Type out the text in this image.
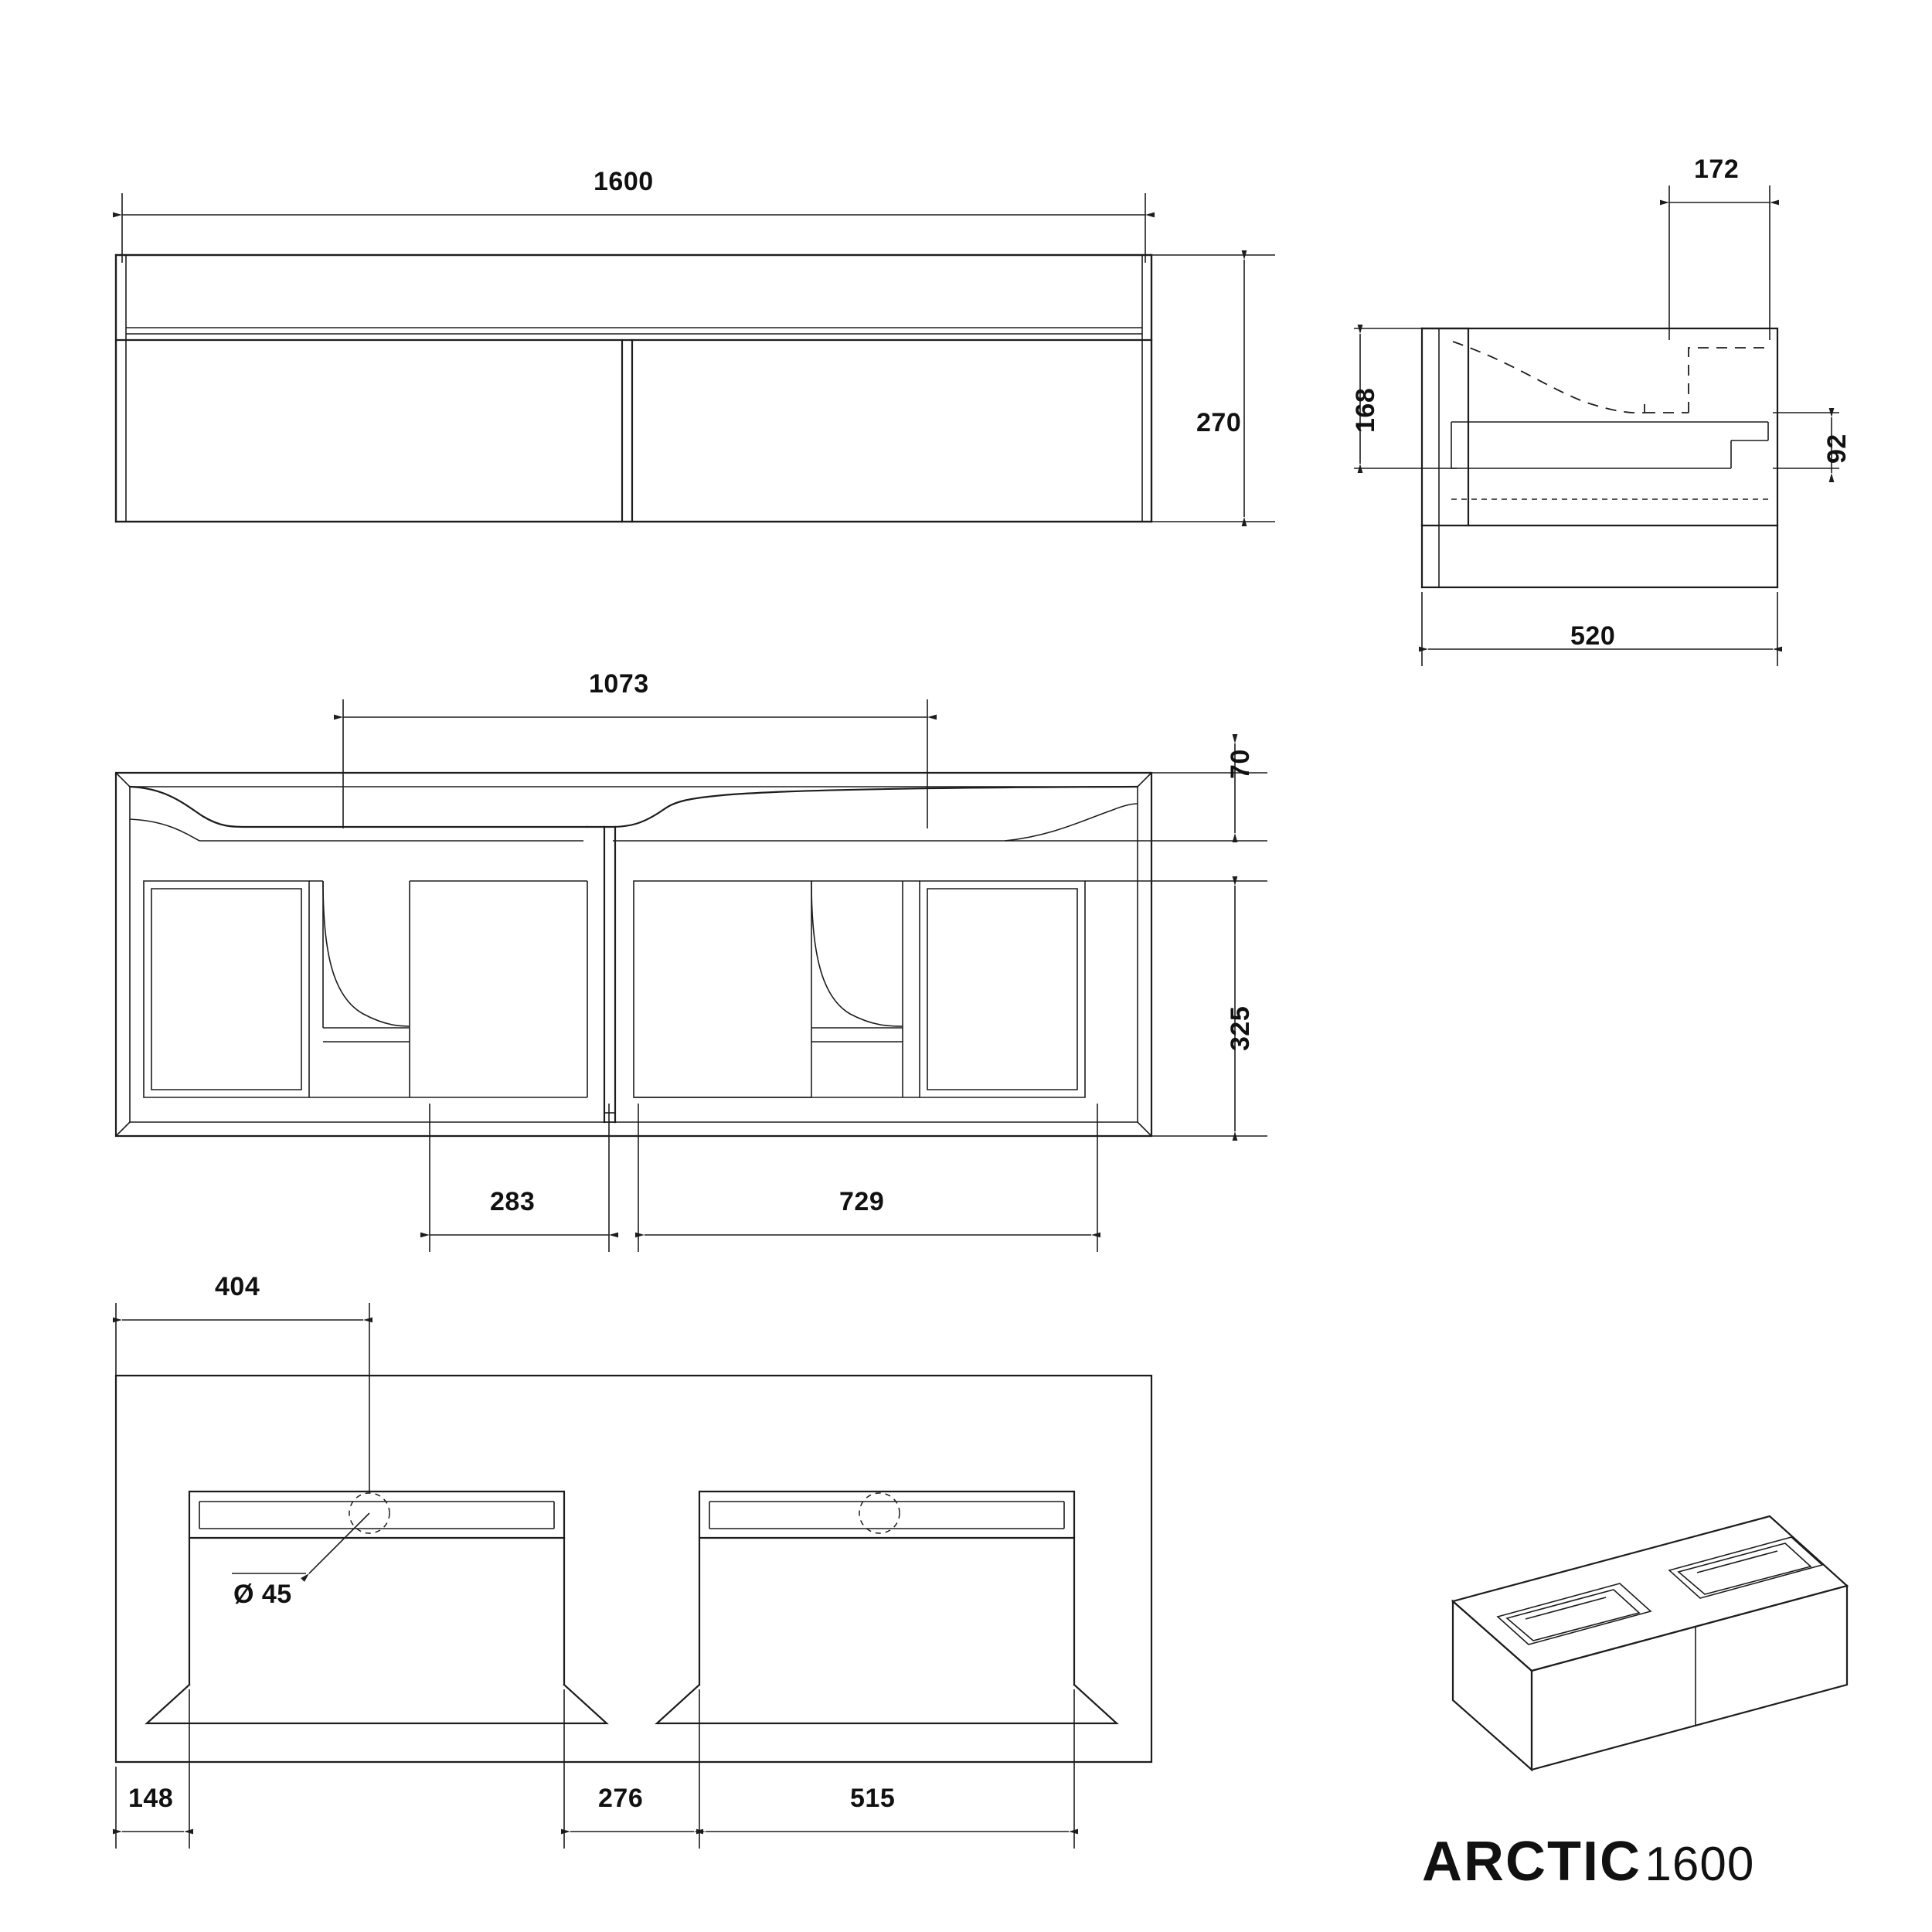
1600
270
172
168
92
520
1073
70
325
283	729
404
Ø 45
148	276	515
ARCTIC 1600
